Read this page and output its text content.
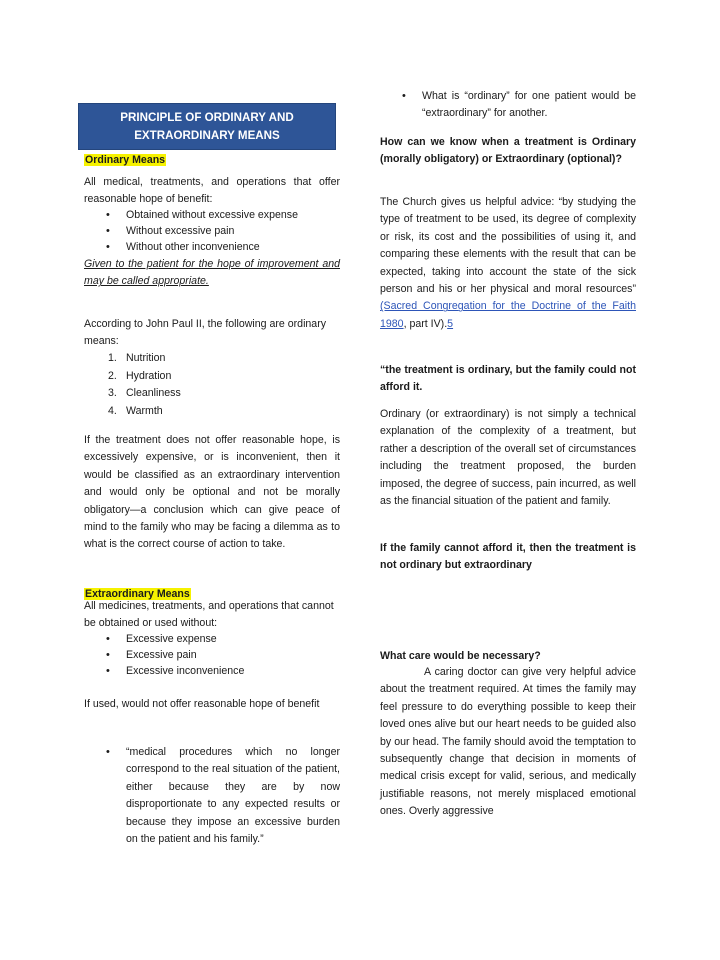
PRINCIPLE OF ORDINARY AND
EXTRAORDINARY MEANS
Ordinary Means

All medical, treatments, and operations that offer reasonable hope of benefit:

• Obtained without excessive expense
• Without excessive pain
• Without other inconvenience

Given to the patient for the hope of improvement and may be called appropriate.

According to John Paul II, the following are ordinary means:

1. Nutrition
2. Hydration
3. Cleanliness
4. Warmth

If the treatment does not offer reasonable hope, is excessively expensive, or is inconvenient, then it would be classified as an extraordinary intervention and would only be optional and not be morally obligatory—a conclusion which can give peace of mind to the family who may be facing a dilemma as to what is the correct course of action to take.

Extraordinary Means

All medicines, treatments, and operations that cannot be obtained or used without:

• Excessive expense
• Excessive pain
• Excessive inconvenience

If used, would not offer reasonable hope of benefit

• “medical procedures which no longer correspond to the real situation of the patient, either because they are by now disproportionate to any expected results or because they impose an excessive burden on the patient and his family.”
• What is “ordinary” for one patient would be “extraordinary” for another.

How can we know when a treatment is Ordinary (morally obligatory) or Extraordinary (optional)?

The Church gives us helpful advice: “by studying the type of treatment to be used, its degree of complexity or risk, its cost and the possibilities of using it, and comparing these elements with the result that can be expected, taking into account the state of the sick person and his or her physical and moral resources” (Sacred Congregation for the Doctrine of the Faith 1980, part IV).5

“the treatment is ordinary, but the family could not afford it.

Ordinary (or extraordinary) is not simply a technical explanation of the complexity of a treatment, but rather a description of the overall set of circumstances including the treatment proposed, the burden imposed, the degree of success, pain incurred, as well as the financial situation of the patient and family.

If the family cannot afford it, then the treatment is not ordinary but extraordinary

What care would be necessary?

A caring doctor can give very helpful advice about the treatment required. At times the family may feel pressure to do everything possible to keep their loved ones alive but our heart needs to be guided also by our head. The family should avoid the temptation to subsequently change that decision in moments of medical crisis except for valid, serious, and medically justifiable reasons, not merely misplaced emotional ones. Overly aggressive
